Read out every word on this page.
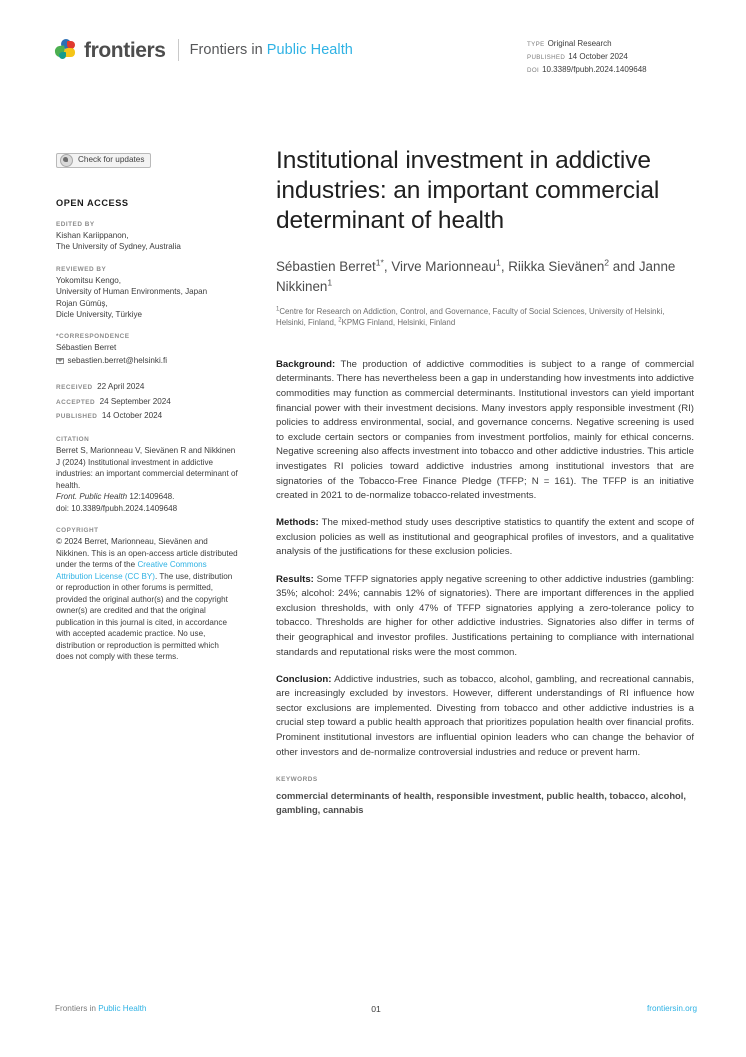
frontiers Frontiers in Public Health	TYPE Original Research
PUBLISHED 14 October 2024
DOI 10.3389/fpubh.2024.1409648
Check for updates
OPEN ACCESS
EDITED BY
Kishan Kariippanon,
The University of Sydney, Australia
REVIEWED BY
Yokomitsu Kengo,
University of Human Environments, Japan
Rojan Gümüş,
Dicle University, Türkiye
*CORRESPONDENCE
Sébastien Berret
sebastien.berret@helsinki.fi
RECEIVED 22 April 2024
ACCEPTED 24 September 2024
PUBLISHED 14 October 2024
CITATION
Berret S, Marionneau V, Sievänen R and Nikkinen J (2024) Institutional investment in addictive industries: an important commercial determinant of health.
Front. Public Health 12:1409648.
doi: 10.3389/fpubh.2024.1409648
COPYRIGHT
© 2024 Berret, Marionneau, Sievänen and Nikkinen. This is an open-access article distributed under the terms of the Creative Commons Attribution License (CC BY). The use, distribution or reproduction in other forums is permitted, provided the original author(s) and the copyright owner(s) are credited and that the original publication in this journal is cited, in accordance with accepted academic practice. No use, distribution or reproduction is permitted which does not comply with these terms.
Institutional investment in addictive industries: an important commercial determinant of health
Sébastien Berret$^{1*}$, Virve Marionneau$^1$, Riikka Sievänen$^2$ and Janne Nikkinen$^1$
$^1$Centre for Research on Addiction, Control, and Governance, Faculty of Social Sciences, University of Helsinki, Helsinki, Finland, $^2$KPMG Finland, Helsinki, Finland

Background: The production of addictive commodities is subject to a range of commercial determinants. There has nevertheless been a gap in understanding how investments into addictive commodities may function as commercial determinants. Institutional investors can yield important financial power with their investment decisions. Many investors apply responsible investment (RI) policies to address environmental, social, and governance concerns. Negative screening is used to exclude certain sectors or companies from investment portfolios, mainly for ethical concerns. Negative screening also affects investment into tobacco and other addictive industries. This article investigates RI policies toward addictive industries among institutional investors that are signatories of the Tobacco-Free Finance Pledge (TFFP; N = 161). The TFFP is an initiative created in 2021 to de-normalize tobacco-related investments.

Methods: The mixed-method study uses descriptive statistics to quantify the extent and scope of exclusion policies as well as institutional and geographical profiles of investors, and a qualitative analysis of the justifications for these exclusion policies.

Results: Some TFFP signatories apply negative screening to other addictive industries (gambling: 35%; alcohol: 24%; cannabis 12% of signatories). There are important differences in the applied exclusion thresholds, with only 47% of TFFP signatories applying a zero-tolerance policy to tobacco. Thresholds are higher for other addictive industries. Signatories also differ in terms of their geographical and investor profiles. Justifications pertaining to compliance with international standards and reputational risks were the most common.

Conclusion: Addictive industries, such as tobacco, alcohol, gambling, and recreational cannabis, are increasingly excluded by investors. However, different understandings of RI influence how sector exclusions are implemented. Divesting from tobacco and other addictive industries is a crucial step toward a public health approach that prioritizes population health over financial profits. Prominent institutional investors are influential opinion leaders who can change the behavior of other investors and de-normalize controversial industries and reduce or prevent harm.

KEYWORDS
commercial determinants of health, responsible investment, public health, tobacco, alcohol, gambling, cannabis
Frontiers in Public Health	01	frontiersin.org
